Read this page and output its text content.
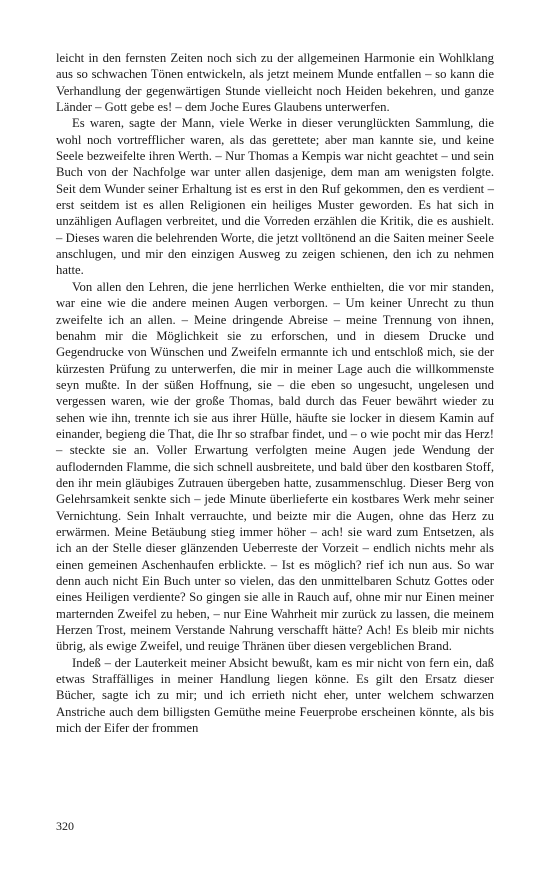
leicht in den fernsten Zeiten noch sich zu der allgemeinen Harmonie ein Wohlklang aus so schwachen Tönen entwickeln, als jetzt meinem Munde entfallen – so kann die Verhandlung der gegenwärtigen Stunde vielleicht noch Heiden bekehren, und ganze Länder – Gott gebe es! – dem Joche Eures Glaubens unterwerfen.

Es waren, sagte der Mann, viele Werke in dieser verunglückten Sammlung, die wohl noch vortrefflicher waren, als das gerettete; aber man kannte sie, und keine Seele bezweifelte ihren Werth. – Nur Thomas a Kempis war nicht geachtet – und sein Buch von der Nachfolge war unter allen dasjenige, dem man am wenigsten folgte. Seit dem Wunder seiner Erhaltung ist es erst in den Ruf gekommen, den es verdient – erst seitdem ist es allen Religionen ein heiliges Muster geworden. Es hat sich in unzähligen Auflagen verbreitet, und die Vorreden erzählen die Kritik, die es aushielt. – Dieses waren die belehrenden Worte, die jetzt volltönend an die Saiten meiner Seele anschlugen, und mir den einzigen Ausweg zu zeigen schienen, den ich zu nehmen hatte.

Von allen den Lehren, die jene herrlichen Werke enthielten, die vor mir standen, war eine wie die andere meinen Augen verborgen. – Um keiner Unrecht zu thun zweifelte ich an allen. – Meine dringende Abreise – meine Trennung von ihnen, benahm mir die Möglichkeit sie zu erforschen, und in diesem Drucke und Gegendrucke von Wünschen und Zweifeln ermannte ich und entschloß mich, sie der kürzesten Prüfung zu unterwerfen, die mir in meiner Lage auch die willkommenste seyn mußte. In der süßen Hoffnung, sie – die eben so ungesucht, ungelesen und vergessen waren, wie der große Thomas, bald durch das Feuer bewährt wieder zu sehen wie ihn, trennte ich sie aus ihrer Hülle, häufte sie locker in diesem Kamin auf einander, begieng die That, die Ihr so strafbar findet, und – o wie pocht mir das Herz! – steckte sie an. Voller Erwartung verfolgten meine Augen jede Wendung der auflodernden Flamme, die sich schnell ausbreitete, und bald über den kostbaren Stoff, den ihr mein gläubiges Zutrauen übergeben hatte, zusammenschlug. Dieser Berg von Gelehrsamkeit senkte sich – jede Minute überlieferte ein kostbares Werk mehr seiner Vernichtung. Sein Inhalt verrauchte, und beizte mir die Augen, ohne das Herz zu erwärmen. Meine Betäubung stieg immer höher – ach! sie ward zum Entsetzen, als ich an der Stelle dieser glänzenden Ueberreste der Vorzeit – endlich nichts mehr als einen gemeinen Aschenhaufen erblickte. – Ist es möglich? rief ich nun aus. So war denn auch nicht Ein Buch unter so vielen, das den unmittelbaren Schutz Gottes oder eines Heiligen verdiente? So gingen sie alle in Rauch auf, ohne mir nur Einen meiner marternden Zweifel zu heben, – nur Eine Wahrheit mir zurück zu lassen, die meinem Herzen Trost, meinem Verstande Nahrung verschafft hätte? Ach! Es bleib mir nichts übrig, als ewige Zweifel, und reuige Thränen über diesen vergeblichen Brand.

Indeß – der Lauterkeit meiner Absicht bewußt, kam es mir nicht von fern ein, daß etwas Straffälliges in meiner Handlung liegen könne. Es gilt den Ersatz dieser Bücher, sagte ich zu mir; und ich errieth nicht eher, unter welchem schwarzen Anstriche auch dem billigsten Gemüthe meine Feuerprobe erscheinen könnte, als bis mich der Eifer der frommen

320
